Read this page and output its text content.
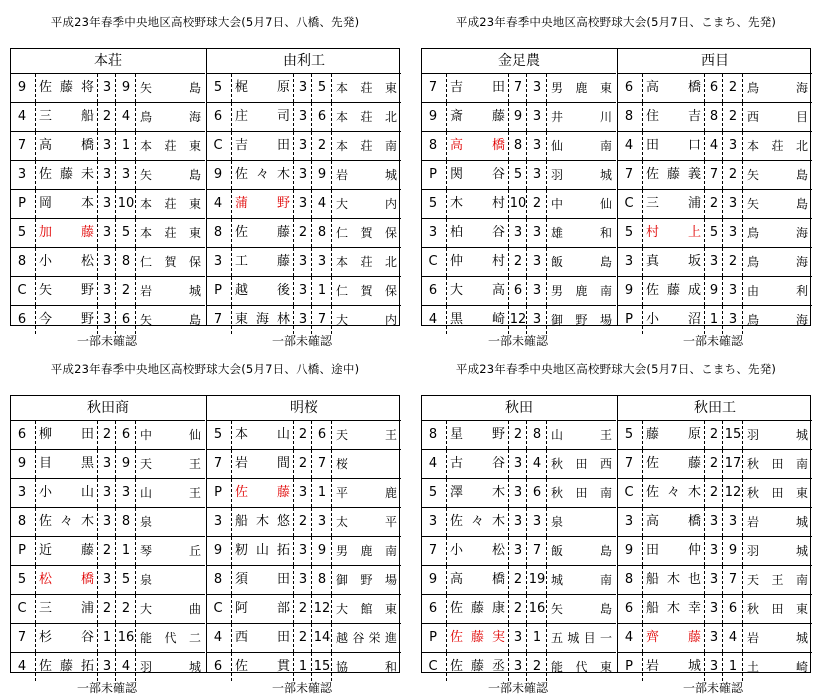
平成23年春季中央地区高校野球大会(5月7日、八橋、先発)
本荘
9 佐藤将 3 9 矢島
4 三船 2 4 鳥海
7 高橋 3 1 本荘東
3 佐藤未 3 3 矢島
P	岡本 3 10 本荘東
5 加藤 3 5 本荘東
8 小松 3 8 仁賀保
C 矢野 3 2 岩城
6 今野 3 6 矢島
由利工
5 梶原 3 5 本荘東
6 庄司 3 6 本荘北
C 吉田 3 2 本荘南
9 佐々木 3 9 岩城
4 蒲野 3 4 大内
8 佐藤 2 8 仁賀保
3 工藤 3 3 本荘北
P	越後 3 1 仁賀保
7 東海林 3 7 大内
一部未確認	一部未確認
平成23年春季中央地区高校野球大会(5月7日、こまち、先発)
金足農
7 吉田 7 3 男鹿東
9 斎藤 9 3 井川
8 高橋 8 3 仙南
P	関谷 5 3 羽城
5 木村 10 2 中仙
3 柏谷 3 3 雄和
C 仲村 2 3 飯島
6 大高 6 3 男鹿南
4 黒崎 12 3 御野場
西目
6 高橋 6 2 鳥海
8 住吉 8 2 西目
4 田口 4 3 本荘北
7 佐藤義 7 2 矢島
C 三浦 2 3 矢島
5 村上 5 3 鳥海
3 真坂 3 2 鳥海
9 佐藤成 9 3 由利
P	小沼 1 3 鳥海
一部未確認	一部未確認
平成23年春季中央地区高校野球大会(5月7日、八橋、途中)
秋田商
6 柳田 2 6 中仙
9 目黒 3 9 天王
3 小山 3 3 山王
8 佐々木 3 8 泉
P	近藤 2 1 琴丘
5 松橋 3 5 泉
C 三浦 2 2 大曲
7 杉谷 1 16 能代二
4 佐藤拓 3 4 羽城
明桜
5 本山 2 6 天王
7 岩間 2 7 桜
P	佐藤 3 1 平鹿
3 船木悠 2 3 太平
9 籾山拓 3 9 男鹿南
8 須田 3 8 御野場
C 阿部 2 12 大館東
4 西田 2 14 越谷栄進
6 佐貫 1 15 協和
一部未確認	一部未確認
平成23年春季中央地区高校野球大会(5月7日、こまち、先発)
秋田
8 星野 2 8 山王
4 古谷 3 4 秋田西
5 澤木 3 6 秋田南
3 佐々木 3 3 泉
7 小松 3 7 飯島
9 高橋 2 19 城南
6 佐藤康 2 16 矢島
P	佐藤実 3 1 五城目一
C 佐藤丞 3 2 能代東
秋田工
5 藤原 2 15 羽城
7 佐藤 2 17 秋田南
C 佐々木 2 12 秋田東
3 高橋 3 3 岩城
9 田仲 3 9 羽城
8 船木也 3 7 天王南
6 船木幸 3 6 秋田東
4 齊藤 3 4 岩城
P	岩城 3 1 土崎
一部未確認	一部未確認
